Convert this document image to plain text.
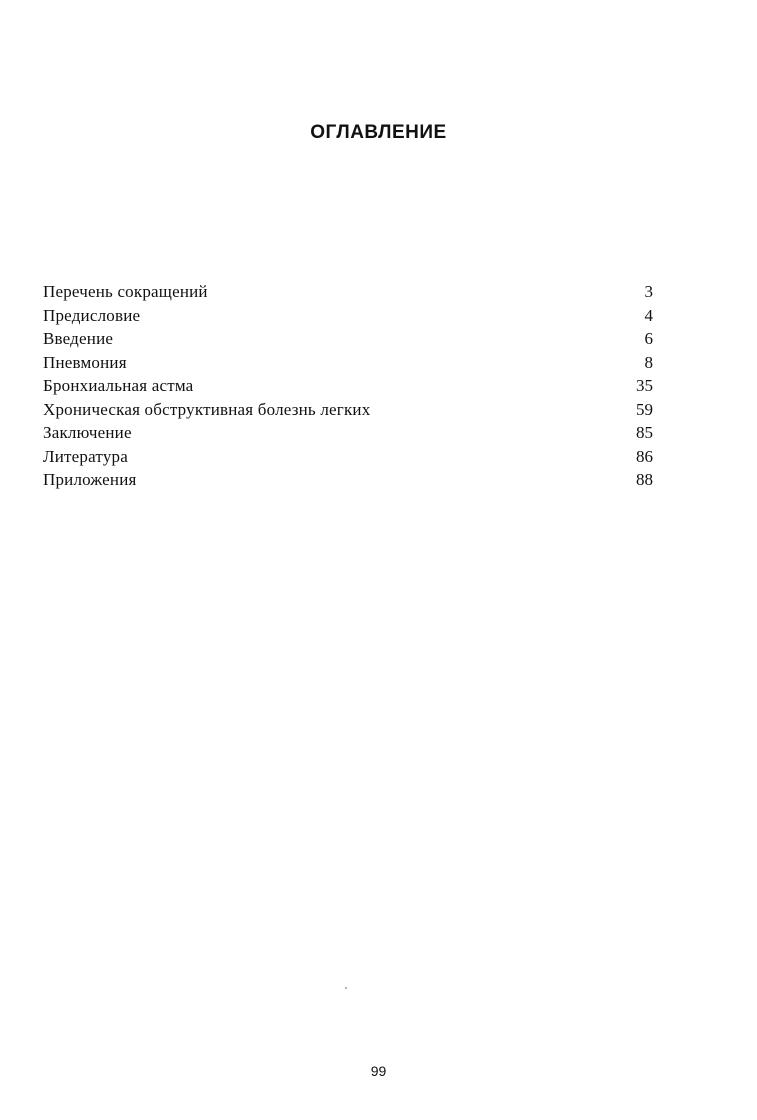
ОГЛАВЛЕНИЕ
Перечень сокращений	3
Предисловие	4
Введение	6
Пневмония	8
Бронхиальная астма	35
Хроническая обструктивная болезнь легких	59
Заключение	85
Литература	86
Приложения	88
99
